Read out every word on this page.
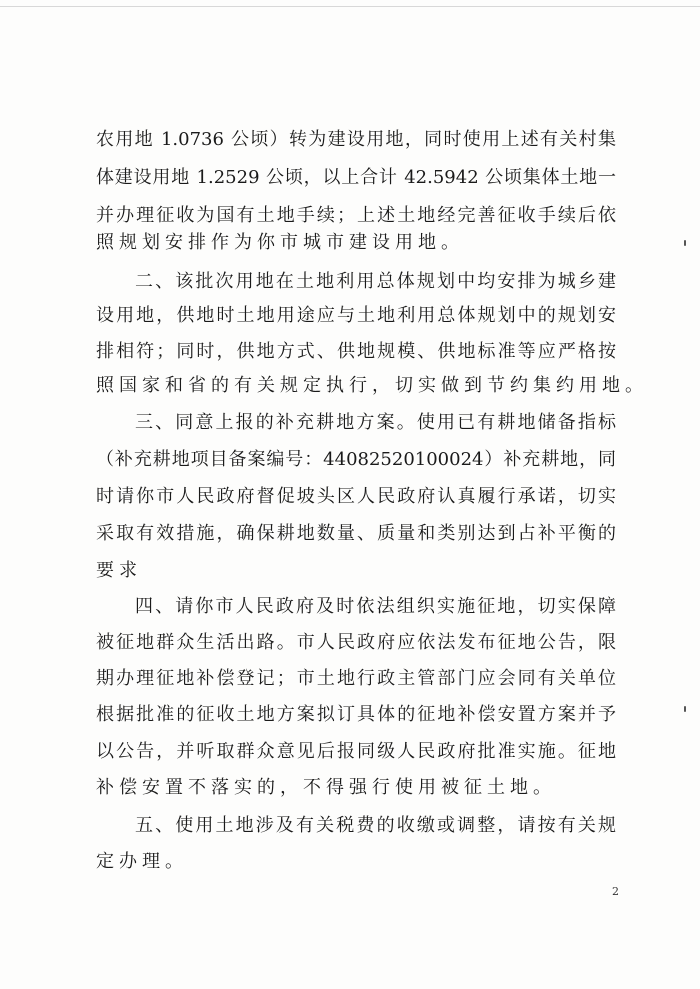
农用地 1.0736 公顷）转为建设用地，同时使用上述有关村集
体建设用地 1.2529 公顷，以上合计 42.5942 公顷集体土地一
并办理征收为国有土地手续；上述土地经完善征收手续后依
照规划安排作为你市城市建设用地。
二、该批次用地在土地利用总体规划中均安排为城乡建
设用地，供地时土地用途应与土地利用总体规划中的规划安
排相符；同时，供地方式、供地规模、供地标准等应严格按
照国家和省的有关规定执行，切实做到节约集约用地。
三、同意上报的补充耕地方案。使用已有耕地储备指标
（补充耕地项目备案编号：44082520100024）补充耕地，同
时请你市人民政府督促坡头区人民政府认真履行承诺，切实
采取有效措施，确保耕地数量、质量和类别达到占补平衡的
要求
四、请你市人民政府及时依法组织实施征地，切实保障
被征地群众生活出路。市人民政府应依法发布征地公告，限
期办理征地补偿登记；市土地行政主管部门应会同有关单位
根据批准的征收土地方案拟订具体的征地补偿安置方案并予
以公告，并听取群众意见后报同级人民政府批准实施。征地
补偿安置不落实的，不得强行使用被征土地。
五、使用土地涉及有关税费的收缴或调整，请按有关规
定办理。
2
